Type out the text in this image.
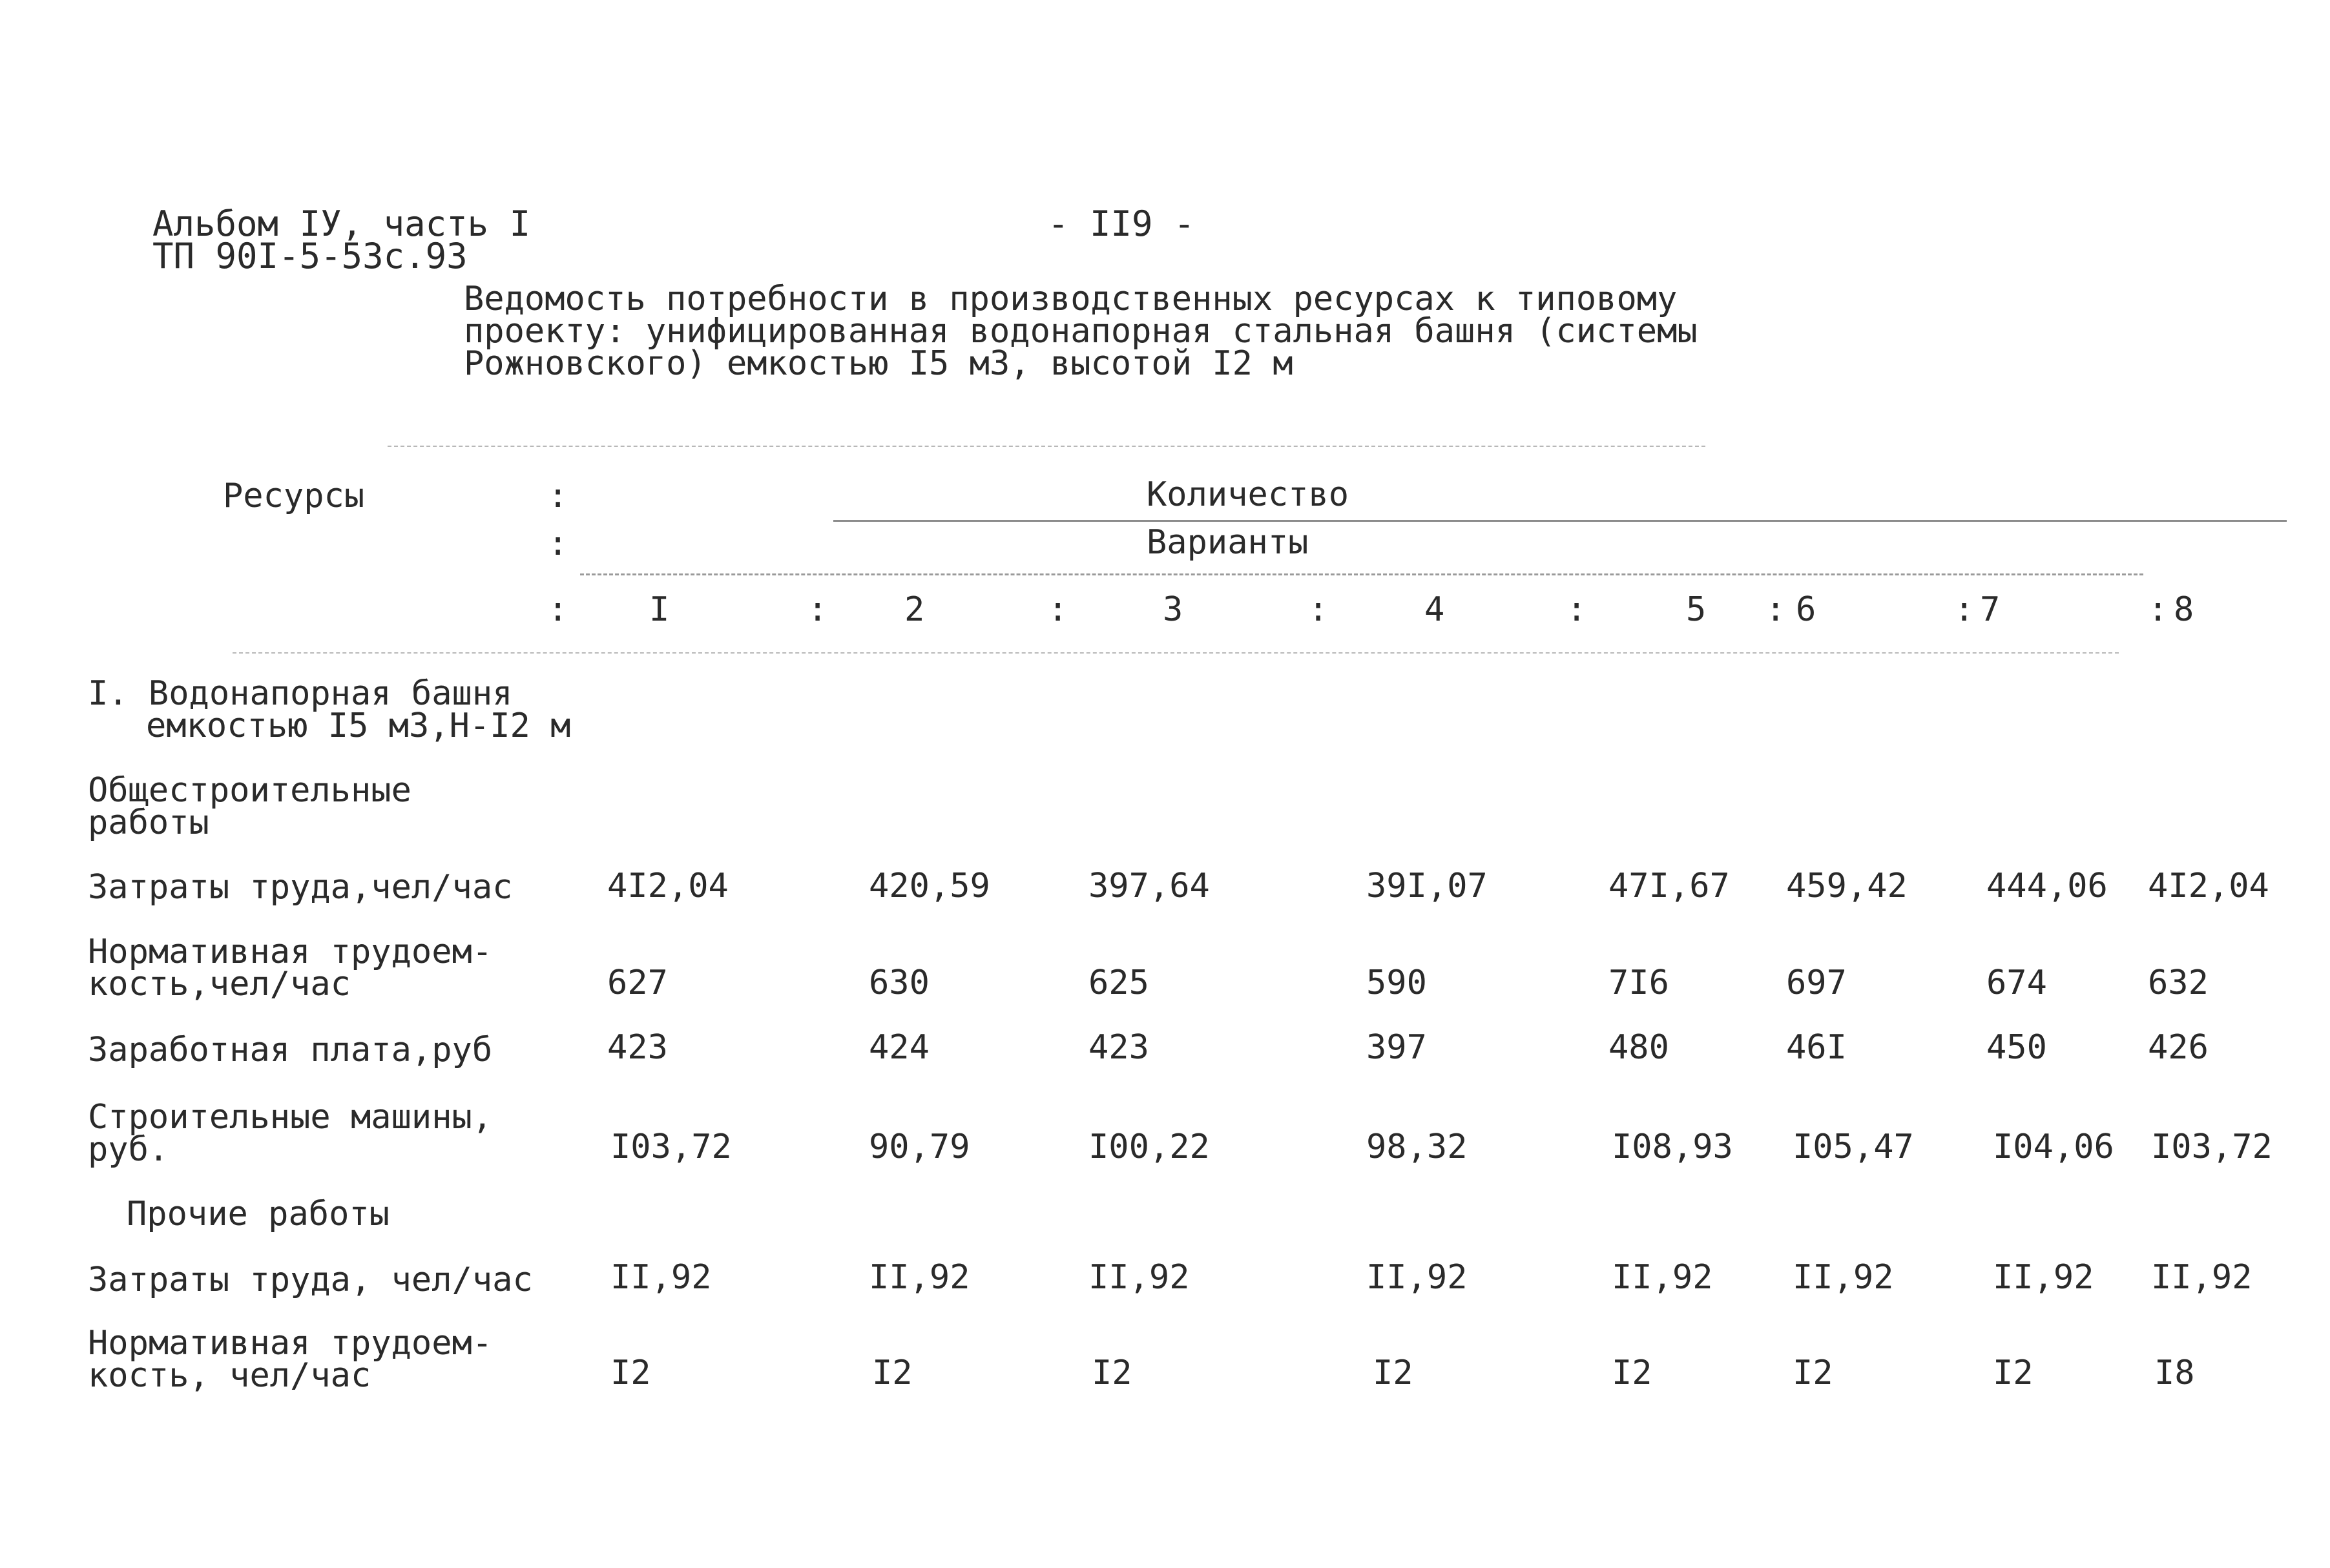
Альбом IУ, часть I
ТП 90I-5-53с.93
- II9 -
Ведомость потребности в производственных ресурсах к типовому
проекту: унифицированная водонапорная стальная башня (системы
Рожновского) емкостью I5 м3, высотой I2 м
Ресурсы	:	Количество
:	Варианты
: I	: 2	:	3	:	4	:	5 : 6	: 7	: 8
I. Водонапорная башня
емкостью I5 м3,Н-I2 м
Общестроительные
работы
Затраты труда,чел/час	4I2,04	420,59	397,64	39I,07	47I,67 459,42 444,06 4I2,04
Нормативная трудоем-
кость,чел/час	627	630	625	590	7I6	697	674	632
Заработная плата,руб	423	424	423	397	480	46I	450	426
Строительные машины,
руб.	I03,72	90,79	I00,22	98,32	I08,93 I05,47 I04,06 I03,72
Прочие работы
Затраты труда, чел/час II,92	II,92	II,92	II,92	II,92 II,92	II,92 II,92
Нормативная трудоем-
кость, чел/час	I2	I2	I2	I2	I2	I2	I2	I8
